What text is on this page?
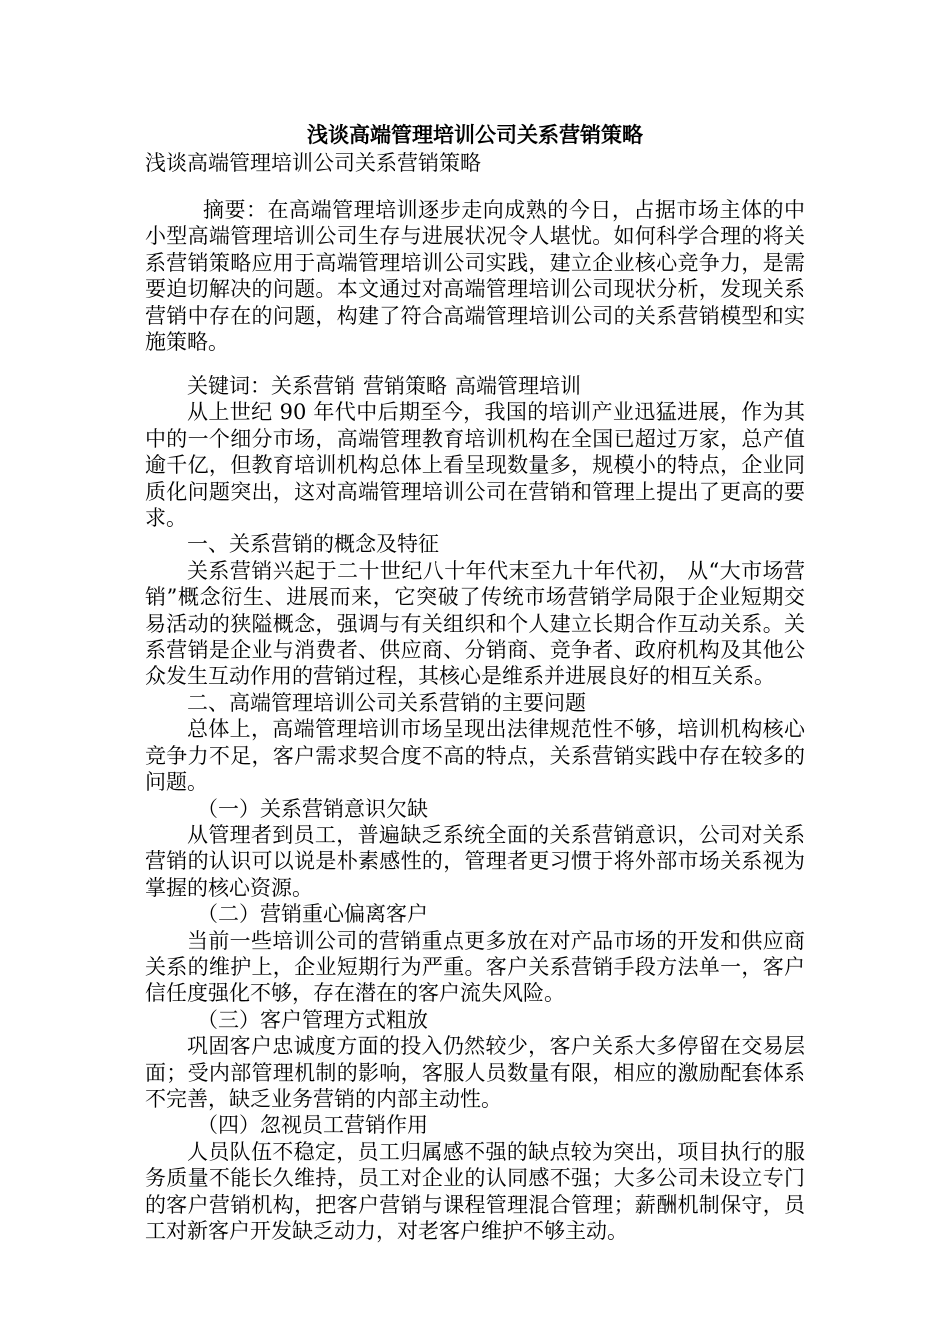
浅谈高端管理培训公司关系营销策略
浅谈高端管理培训公司关系营销策略

摘要：在高端管理培训逐步走向成熟的今日，占据市场主体的中小型高端管理培训公司生存与进展状况令人堪忧。如何科学合理的将关系营销策略应用于高端管理培训公司实践，建立企业核心竞争力，是需要迫切解决的问题。本文通过对高端管理培训公司现状分析，发现关系营销中存在的问题，构建了符合高端管理培训公司的关系营销模型和实施策略。

关键词：关系营销 营销策略 高端管理培训

从上世纪 90 年代中后期至今，我国的培训产业迅猛进展，作为其中的一个细分市场，高端管理教育培训机构在全国已超过万家，总产值逾千亿，但教育培训机构总体上看呈现数量多，规模小的特点，企业同质化问题突出，这对高端管理培训公司在营销和管理上提出了更高的要求。

一、关系营销的概念及特征

关系营销兴起于二十世纪八十年代末至九十年代初， 从“大市场营销”概念衍生、进展而来，它突破了传统市场营销学局限于企业短期交易活动的狭隘概念，强调与有关组织和个人建立长期合作互动关系。关系营销是企业与消费者、供应商、分销商、竞争者、政府机构及其他公众发生互动作用的营销过程，其核心是维系并进展良好的相互关系。

二、高端管理培训公司关系营销的主要问题

总体上，高端管理培训市场呈现出法律规范性不够，培训机构核心竞争力不足，客户需求契合度不高的特点，关系营销实践中存在较多的问题。

（一）关系营销意识欠缺

从管理者到员工，普遍缺乏系统全面的关系营销意识，公司对关系营销的认识可以说是朴素感性的，管理者更习惯于将外部市场关系视为掌握的核心资源。

（二）营销重心偏离客户

当前一些培训公司的营销重点更多放在对产品市场的开发和供应商关系的维护上，企业短期行为严重。客户关系营销手段方法单一，客户信任度强化不够，存在潜在的客户流失风险。

（三）客户管理方式粗放

巩固客户忠诚度方面的投入仍然较少，客户关系大多停留在交易层面；受内部管理机制的影响，客服人员数量有限，相应的激励配套体系不完善，缺乏业务营销的内部主动性。

（四）忽视员工营销作用

人员队伍不稳定，员工归属感不强的缺点较为突出，项目执行的服务质量不能长久维持，员工对企业的认同感不强；大多公司未设立专门的客户营销机构，把客户营销与课程管理混合管理；薪酬机制保守，员工对新客户开发缺乏动力，对老客户维护不够主动。
